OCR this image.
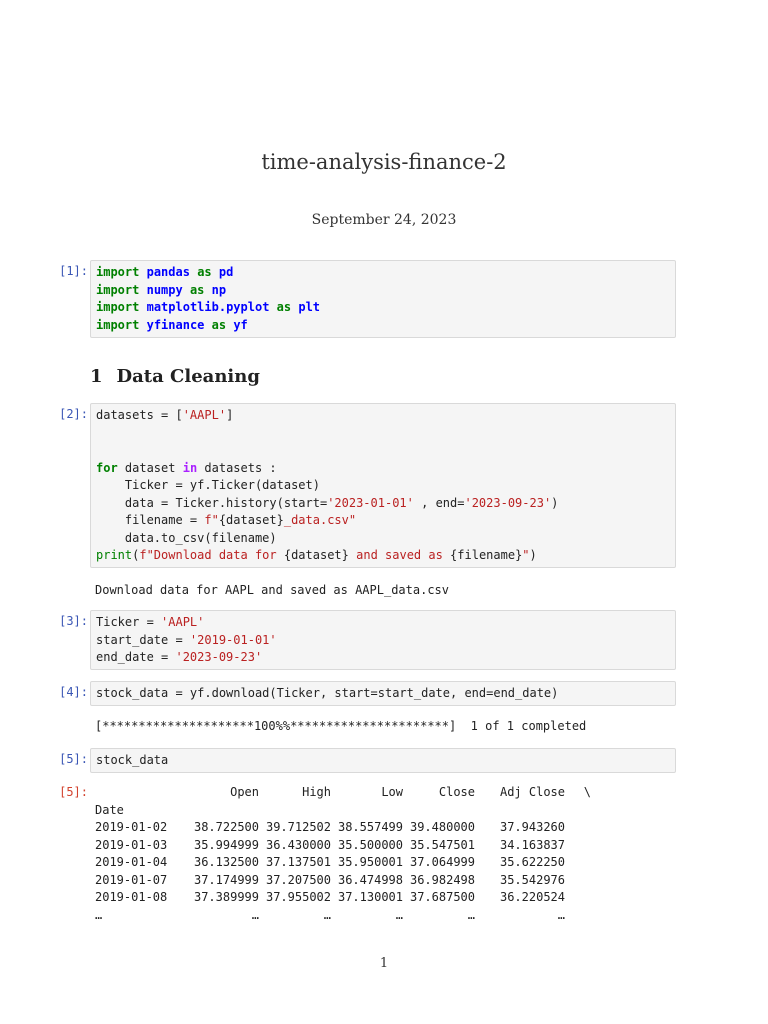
time-analysis-finance-2
September 24, 2023
[1]: import pandas as pd
import numpy as np
import matplotlib.pyplot as plt
import yfinance as yf
1 Data Cleaning
[2]: datasets = ['AAPL']
for dataset in datasets :
Ticker = yf.Ticker(dataset)
data = Ticker.history(start='2023-01-01' , end='2023-09-23')
filename = f"{dataset}_data.csv"
data.to_csv(filename)
print(f"Download data for {dataset} and saved as {filename}")
Download data for AAPL and saved as AAPL_data.csv
[3]: Ticker = 'AAPL'
start_date = '2019-01-01'
end_date = '2023-09-23'
[4]: stock_data = yf.download(Ticker, start=start_date, end=end_date)
[*********************100%%**********************]  1 of 1 completed
[5]: stock_data
[5]:
		Open	High	Low	Close	Adj Close	\
Date						
2019-01-02	38.722500	39.712502	38.557499	39.480000	37.943260	
2019-01-03	35.994999	36.430000	35.500000	35.547501	34.163837	
2019-01-04	36.132500	37.137501	35.950001	37.064999	35.622250	
2019-01-07	37.174999	37.207500	36.474998	36.982498	35.542976	
2019-01-08	37.389999	37.955002	37.130001	37.687500	36.220524	
…	…	…	…	…	…	
1
